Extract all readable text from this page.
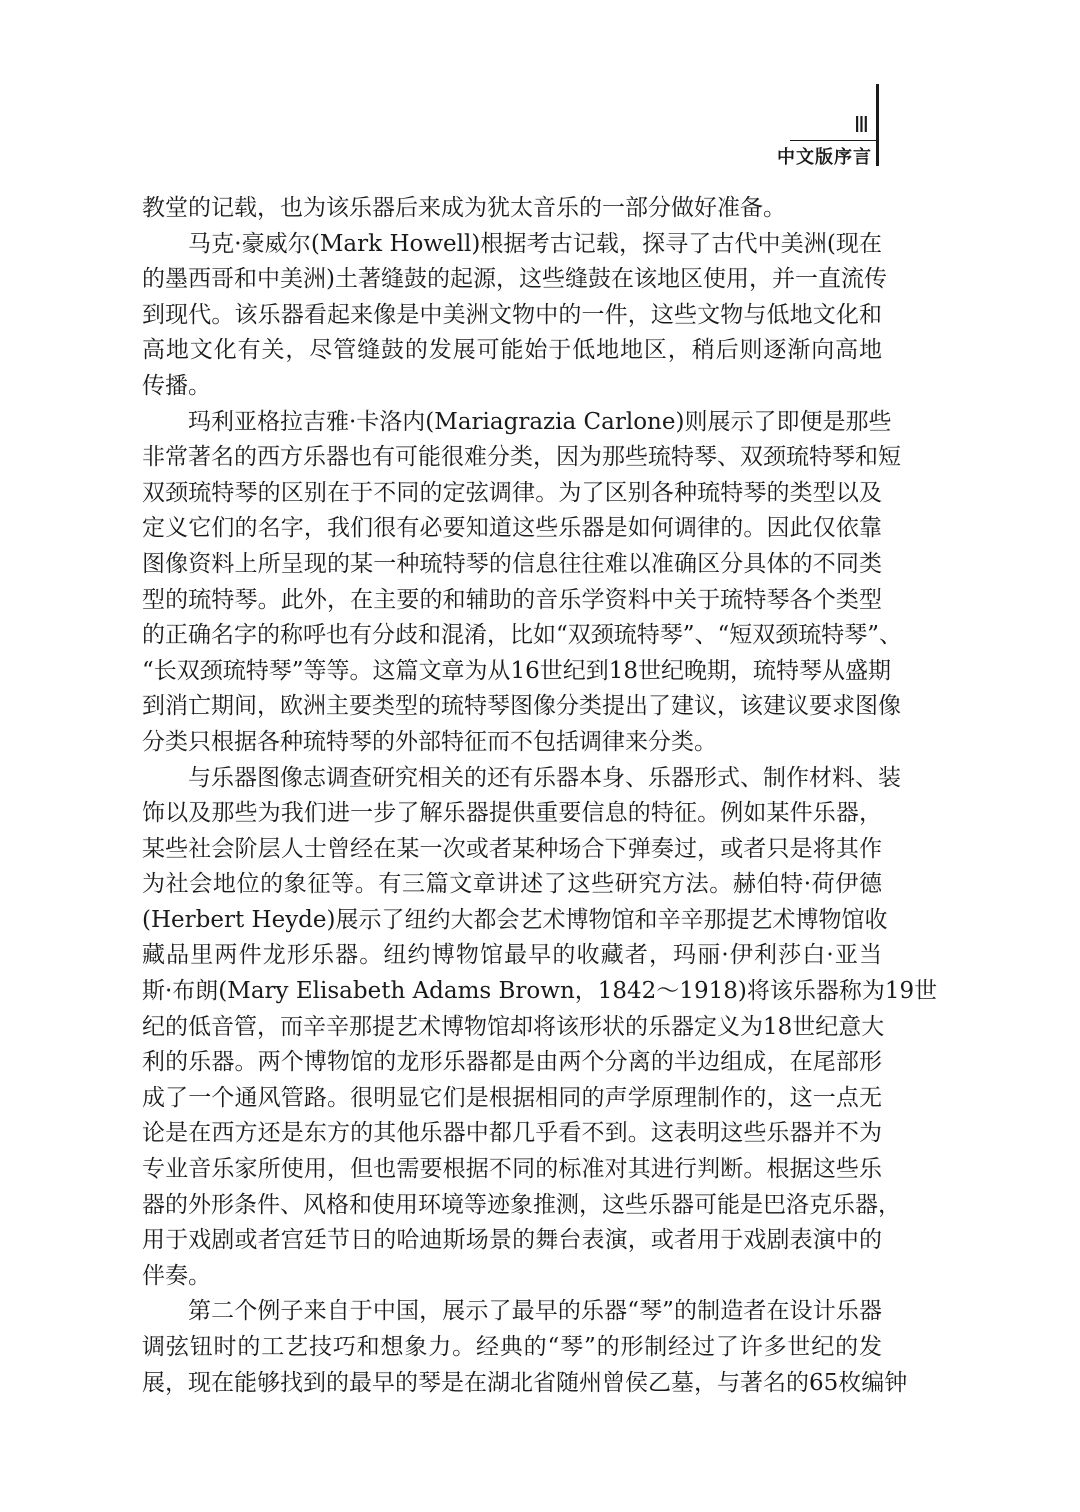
Ⅲ
中文版序言
教堂的记载，也为该乐器后来成为犹太音乐的一部分做好准备。
马克·豪威尔(Mark Howell)根据考古记载，探寻了古代中美洲(现在
的墨西哥和中美洲)土著缝鼓的起源，这些缝鼓在该地区使用，并一直流传
到现代。该乐器看起来像是中美洲文物中的一件，这些文物与低地文化和
高地文化有关，尽管缝鼓的发展可能始于低地地区，稍后则逐渐向高地
传播。
玛利亚格拉吉雅·卡洛内(Mariagrazia Carlone)则展示了即便是那些
非常著名的西方乐器也有可能很难分类，因为那些琉特琴、双颈琉特琴和短
双颈琉特琴的区别在于不同的定弦调律。为了区别各种琉特琴的类型以及
定义它们的名字，我们很有必要知道这些乐器是如何调律的。因此仅依靠
图像资料上所呈现的某一种琉特琴的信息往往难以准确区分具体的不同类
型的琉特琴。此外，在主要的和辅助的音乐学资料中关于琉特琴各个类型
的正确名字的称呼也有分歧和混淆，比如“双颈琉特琴”、“短双颈琉特琴”、
“长双颈琉特琴”等等。这篇文章为从16世纪到18世纪晚期，琉特琴从盛期
到消亡期间，欧洲主要类型的琉特琴图像分类提出了建议，该建议要求图像
分类只根据各种琉特琴的外部特征而不包括调律来分类。
与乐器图像志调查研究相关的还有乐器本身、乐器形式、制作材料、装
饰以及那些为我们进一步了解乐器提供重要信息的特征。例如某件乐器，
某些社会阶层人士曾经在某一次或者某种场合下弹奏过，或者只是将其作
为社会地位的象征等。有三篇文章讲述了这些研究方法。赫伯特·荷伊德
(Herbert Heyde)展示了纽约大都会艺术博物馆和辛辛那提艺术博物馆收
藏品里两件龙形乐器。纽约博物馆最早的收藏者，玛丽·伊利莎白·亚当
斯·布朗(Mary Elisabeth Adams Brown，1842～1918)将该乐器称为19世
纪的低音管，而辛辛那提艺术博物馆却将该形状的乐器定义为18世纪意大
利的乐器。两个博物馆的龙形乐器都是由两个分离的半边组成，在尾部形
成了一个通风管路。很明显它们是根据相同的声学原理制作的，这一点无
论是在西方还是东方的其他乐器中都几乎看不到。这表明这些乐器并不为
专业音乐家所使用，但也需要根据不同的标准对其进行判断。根据这些乐
器的外形条件、风格和使用环境等迹象推测，这些乐器可能是巴洛克乐器，
用于戏剧或者宫廷节日的哈迪斯场景的舞台表演，或者用于戏剧表演中的
伴奏。
第二个例子来自于中国，展示了最早的乐器“琴”的制造者在设计乐器
调弦钮时的工艺技巧和想象力。经典的“琴”的形制经过了许多世纪的发
展，现在能够找到的最早的琴是在湖北省随州曾侯乙墓，与著名的65枚编钟
